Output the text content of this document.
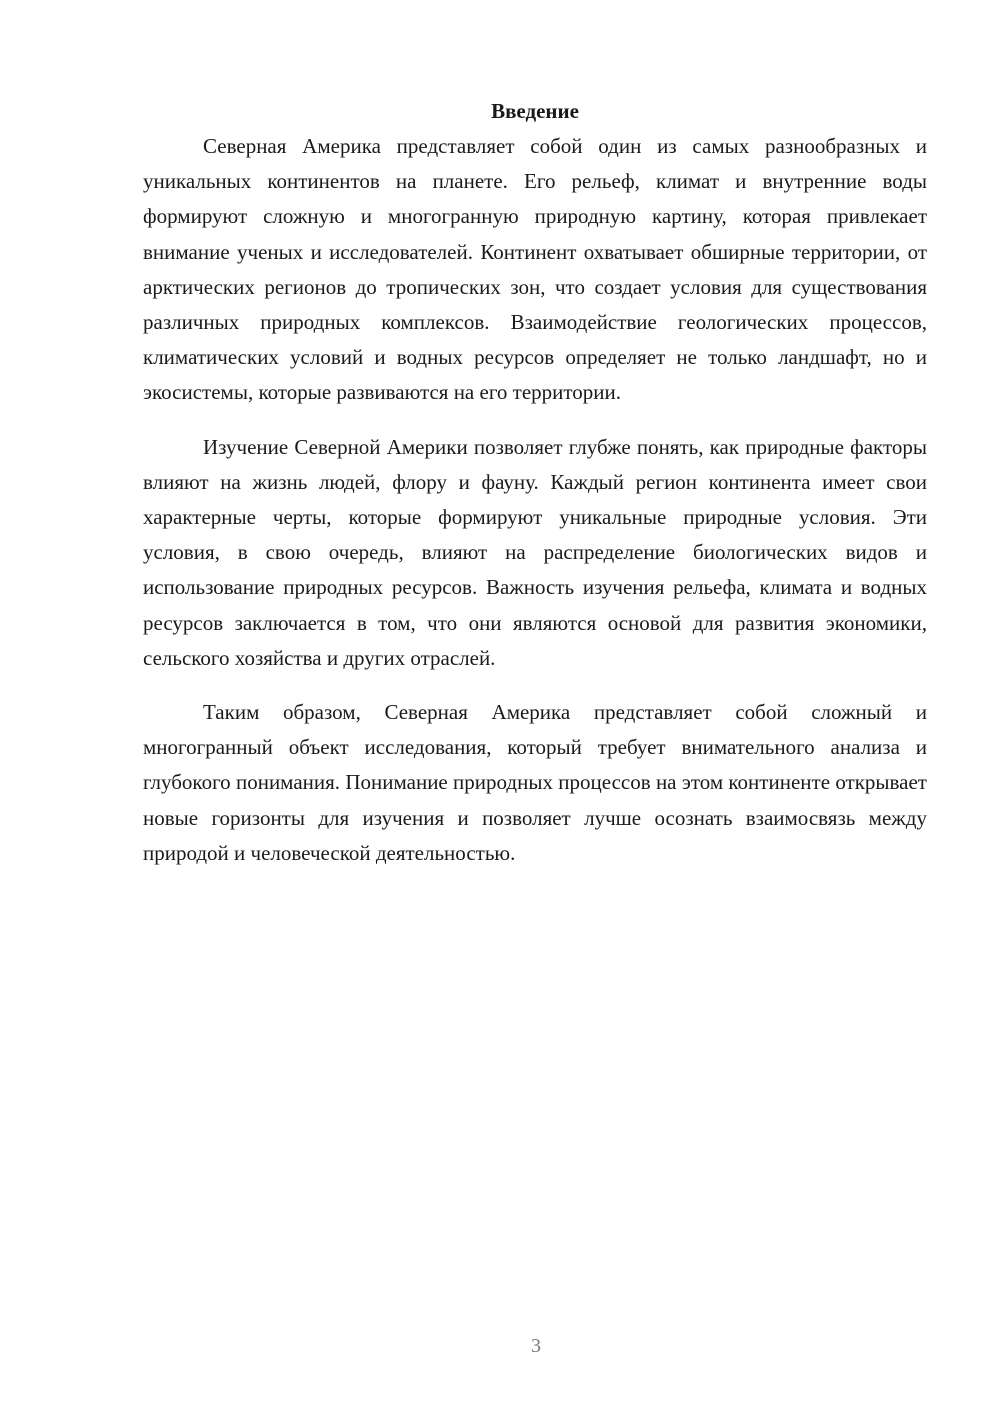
Введение

Северная Америка представляет собой один из самых разнообразных и уникальных континентов на планете. Его рельеф, климат и внутренние воды формируют сложную и многогранную природную картину, которая привлекает внимание ученых и исследователей. Континент охватывает обширные территории, от арктических регионов до тропических зон, что создает условия для существования различных природных комплексов. Взаимодействие геологических процессов, климатических условий и водных ресурсов определяет не только ландшафт, но и экосистемы, которые развиваются на его территории.

Изучение Северной Америки позволяет глубже понять, как природные факторы влияют на жизнь людей, флору и фауну. Каждый регион континента имеет свои характерные черты, которые формируют уникальные природные условия. Эти условия, в свою очередь, влияют на распределение биологических видов и использование природных ресурсов. Важность изучения рельефа, климата и водных ресурсов заключается в том, что они являются основой для развития экономики, сельского хозяйства и других отраслей.

Таким образом, Северная Америка представляет собой сложный и многогранный объект исследования, который требует внимательного анализа и глубокого понимания. Понимание природных процессов на этом континенте открывает новые горизонты для изучения и позволяет лучше осознать взаимосвязь между природой и человеческой деятельностью.

3
